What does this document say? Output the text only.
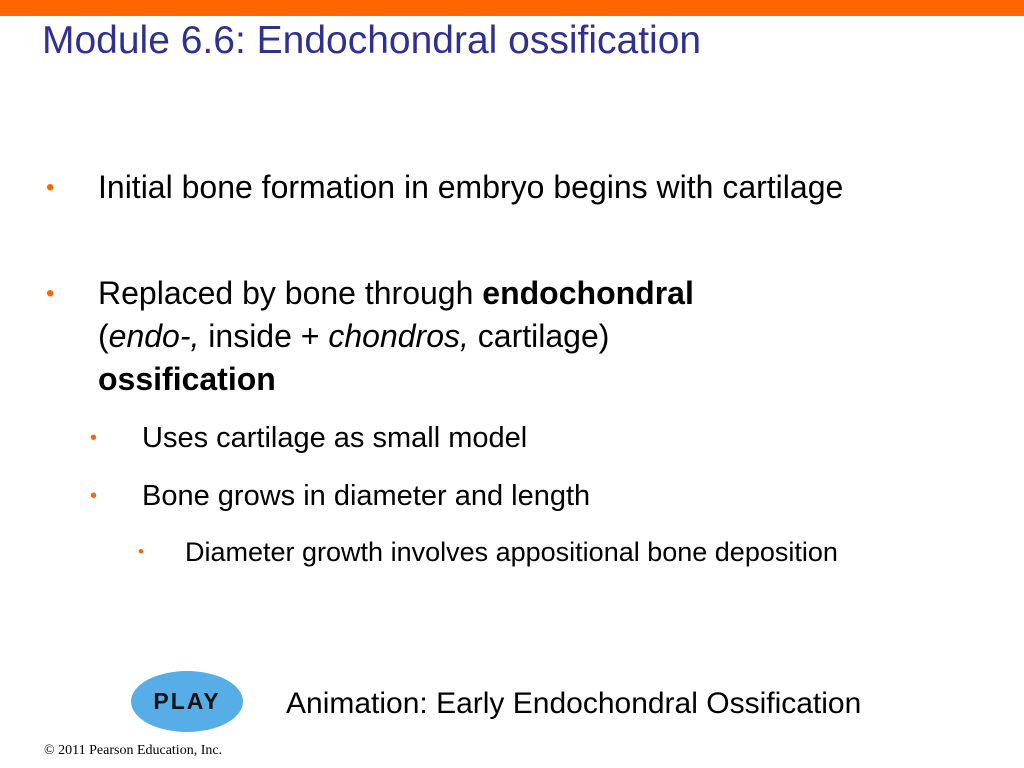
Module 6.6: Endochondral ossification
•	Initial bone formation in embryo begins with cartilage
•	Replaced by bone through endochondral
(endo-, inside + chondros, cartilage)
ossification
•	Uses cartilage as small model
•	Bone grows in diameter and length
•	Diameter growth involves appositional bone deposition
PLAY Animation: Early Endochondral Ossification
© 2011 Pearson Education, Inc.
